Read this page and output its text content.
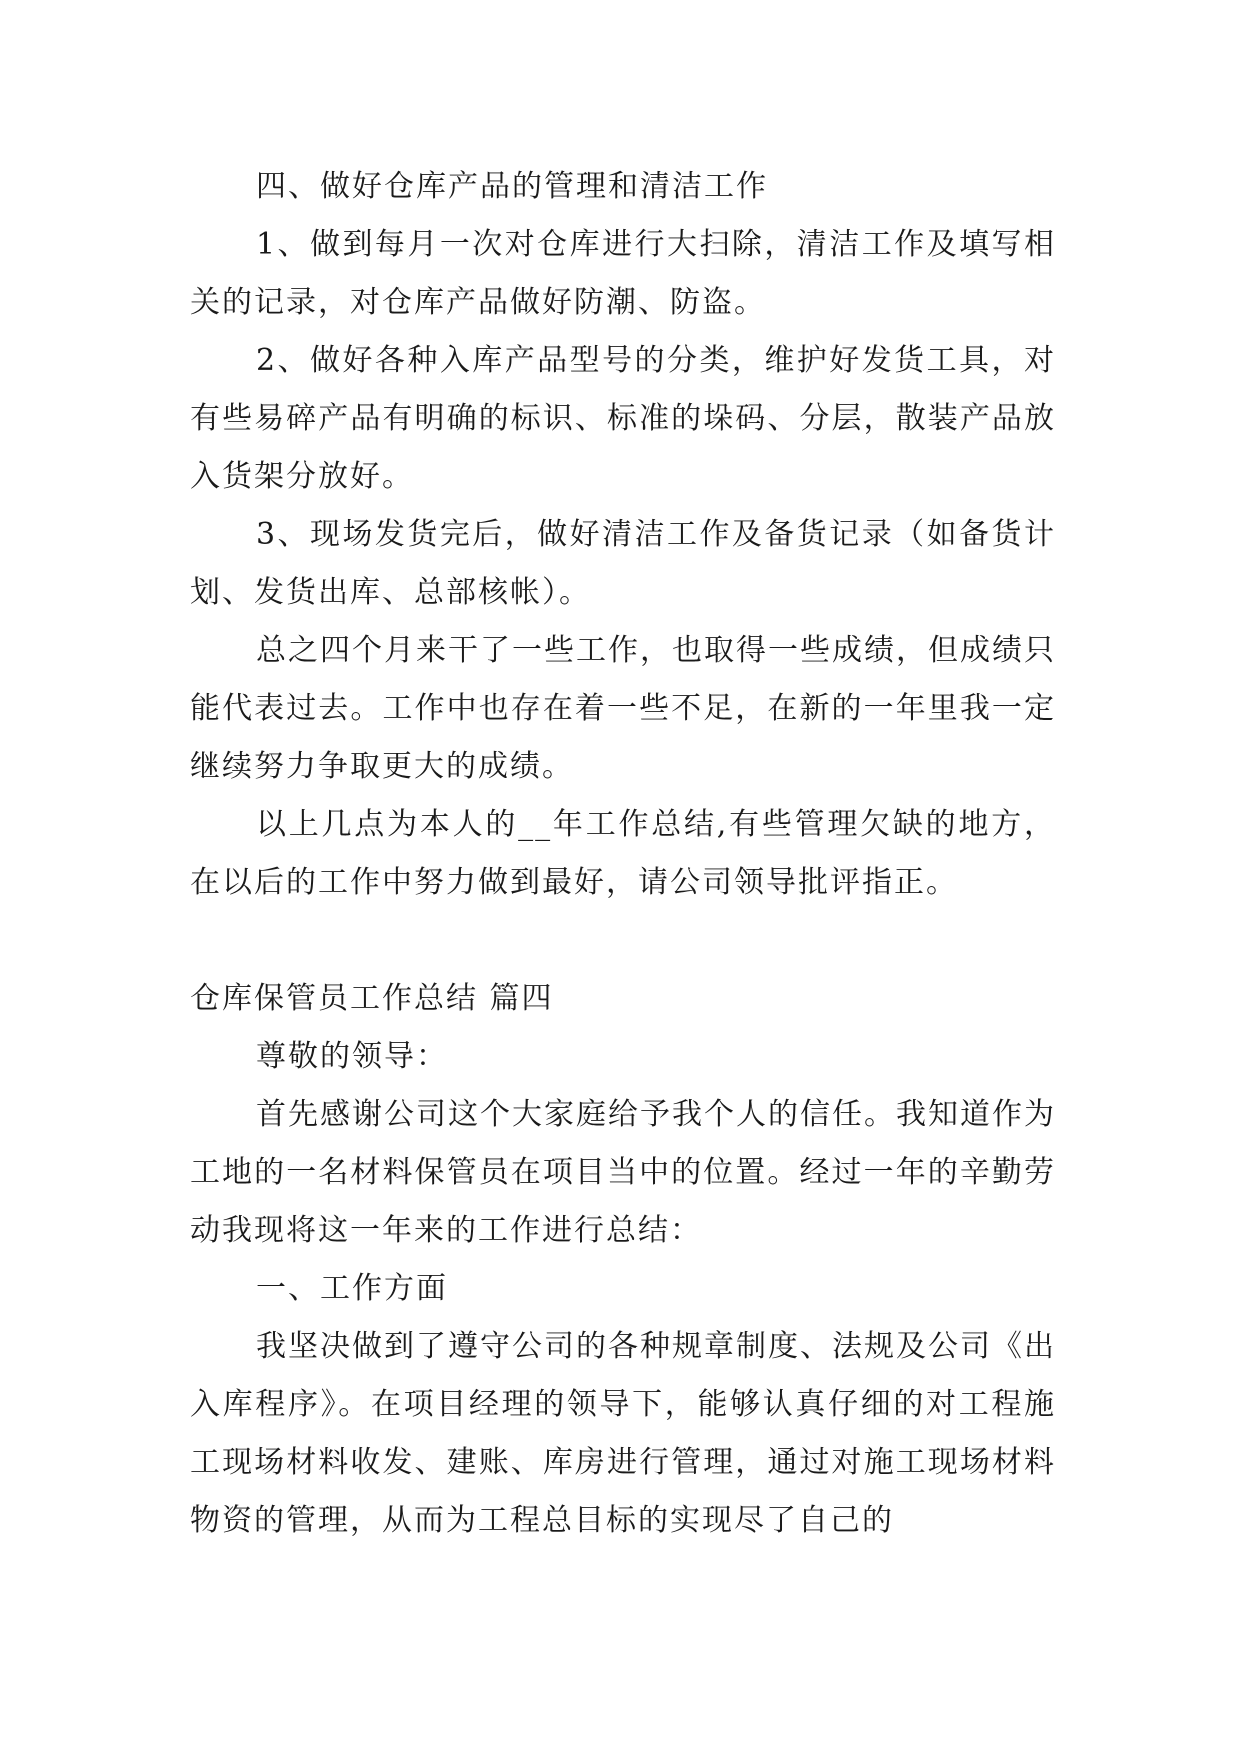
四、做好仓库产品的管理和清洁工作

1、做到每月一次对仓库进行大扫除，清洁工作及填写相关的记录，对仓库产品做好防潮、防盗。

2、做好各种入库产品型号的分类，维护好发货工具，对有些易碎产品有明确的标识、标准的垛码、分层，散装产品放入货架分放好。

3、现场发货完后，做好清洁工作及备货记录（如备货计划、发货出库、总部核帐）。

总之四个月来干了一些工作，也取得一些成绩，但成绩只能代表过去。工作中也存在着一些不足，在新的一年里我一定继续努力争取更大的成绩。

以上几点为本人的__年工作总结,有些管理欠缺的地方，在以后的工作中努力做到最好，请公司领导批评指正。

仓库保管员工作总结 篇四

尊敬的领导：

首先感谢公司这个大家庭给予我个人的信任。我知道作为工地的一名材料保管员在项目当中的位置。经过一年的辛勤劳动我现将这一年来的工作进行总结：

一、工作方面

我坚决做到了遵守公司的各种规章制度、法规及公司《出入库程序》。在项目经理的领导下，能够认真仔细的对工程施工现场材料收发、建账、库房进行管理，通过对施工现场材料物资的管理，从而为工程总目标的实现尽了自己的
